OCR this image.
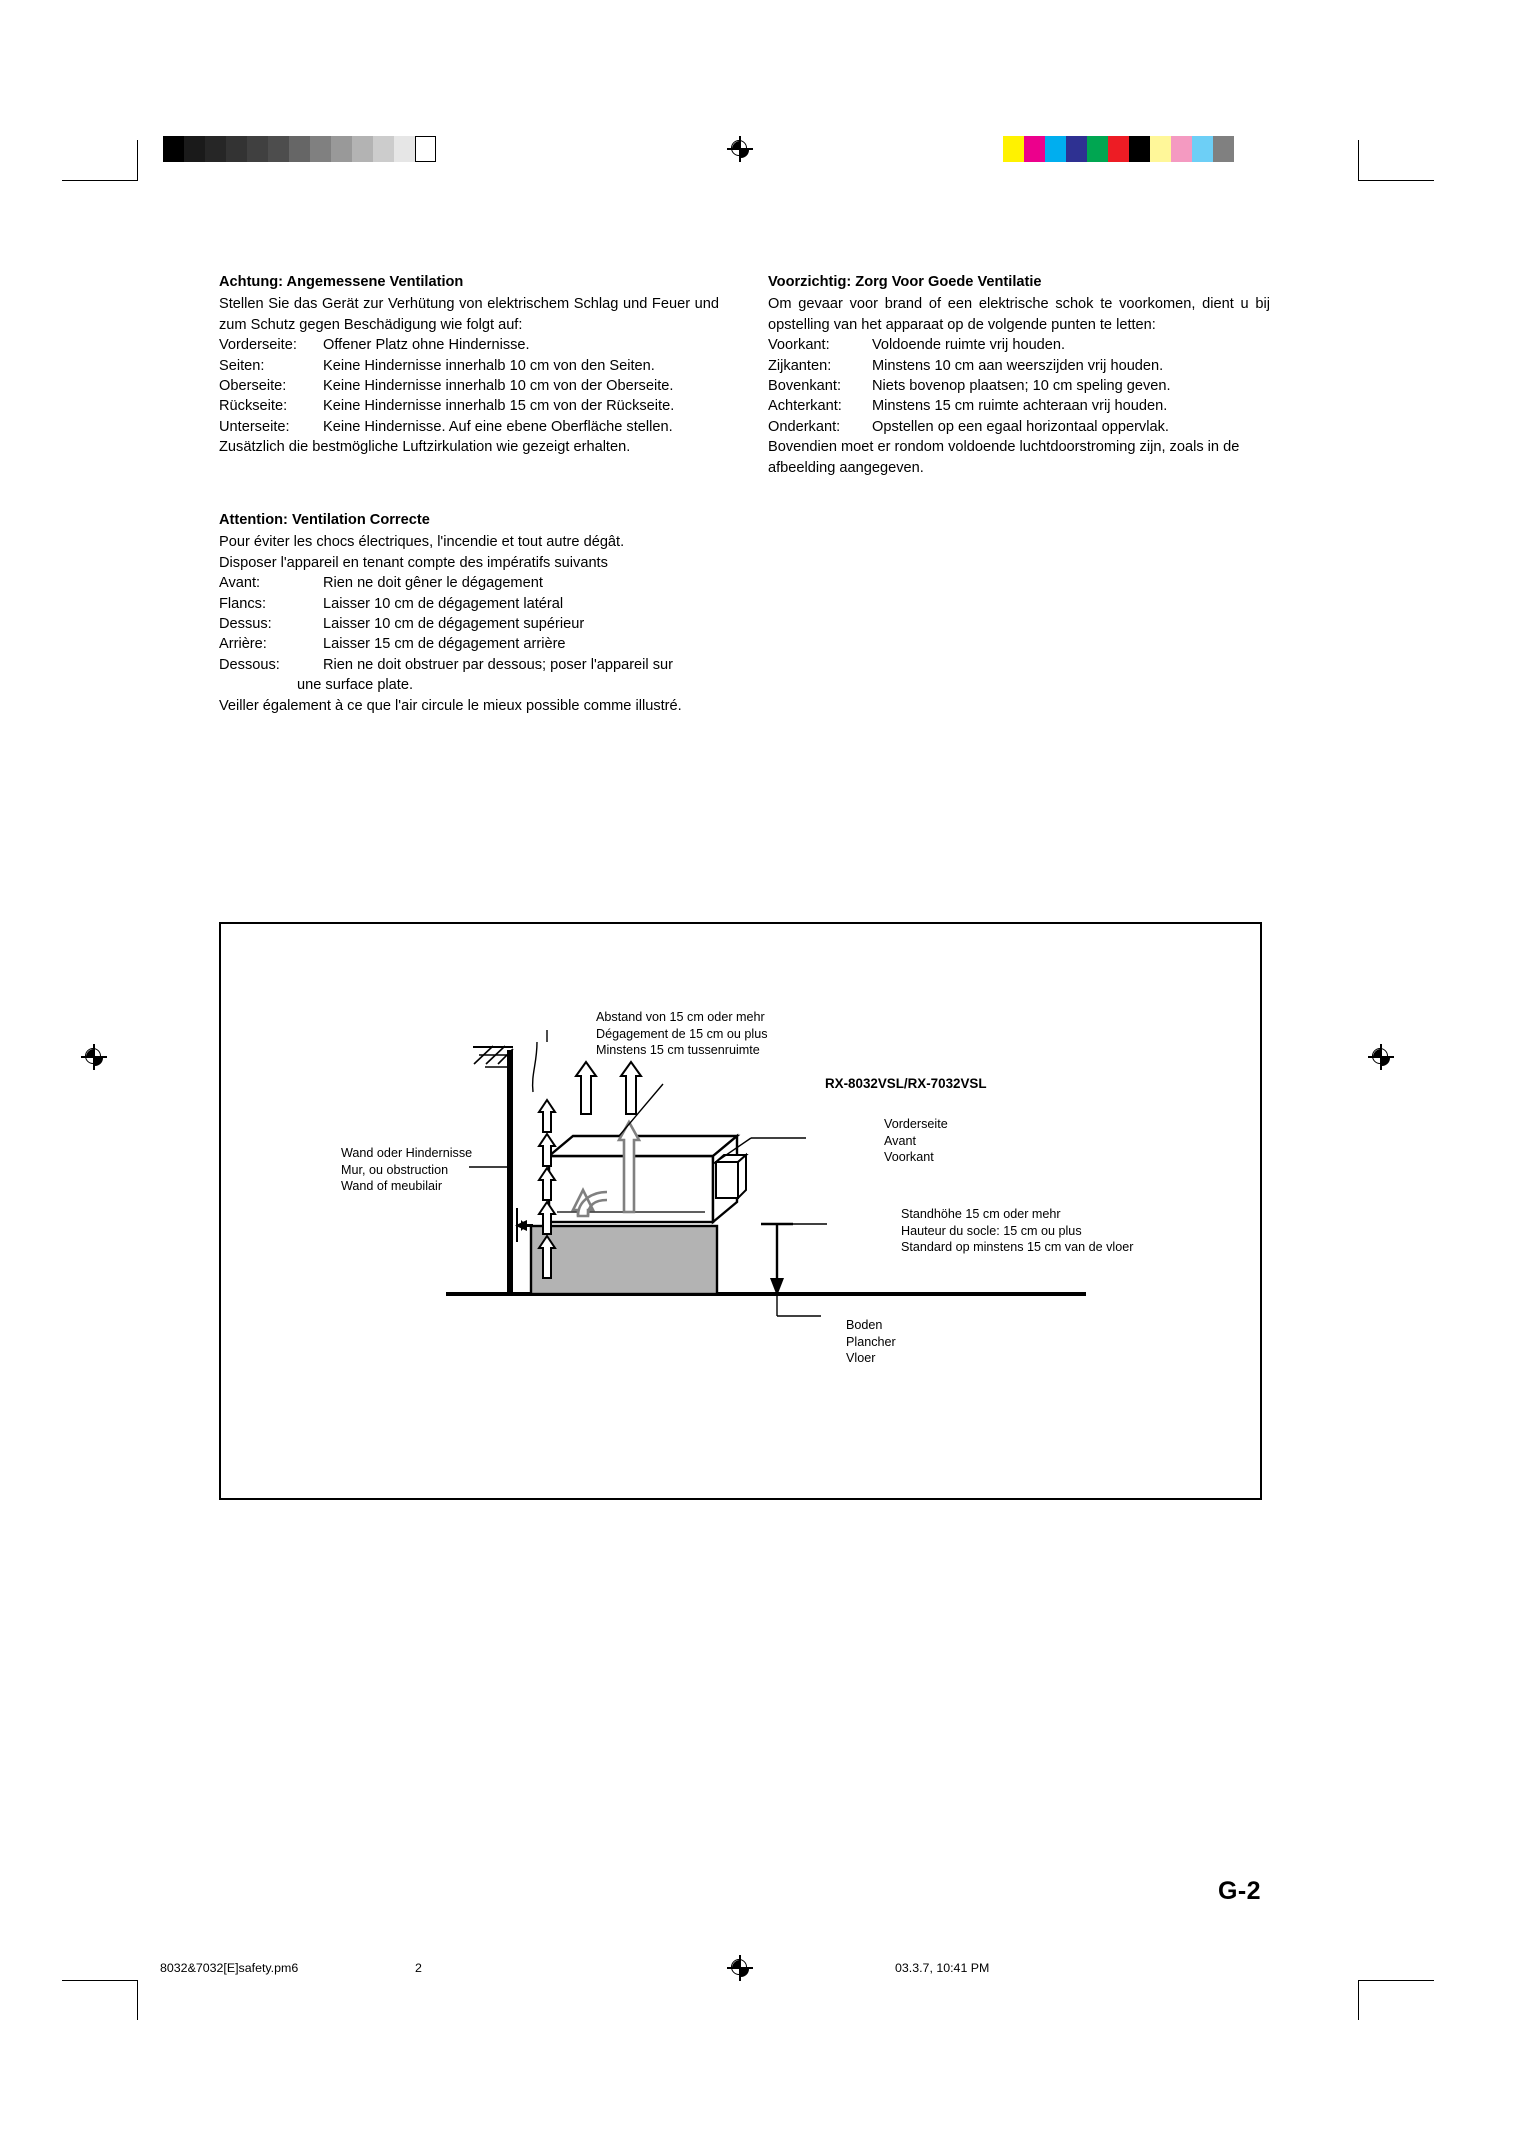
Achtung: Angemessene Ventilation
Stellen Sie das Gerät zur Verhütung von elektrischem Schlag und Feuer und zum Schutz gegen Beschädigung wie folgt auf:
Vorderseite:	Offener Platz ohne Hindernisse.
Seiten:	Keine Hindernisse innerhalb 10 cm von den Seiten.
Oberseite:	Keine Hindernisse innerhalb 10 cm von der Oberseite.
Rückseite:	Keine Hindernisse innerhalb 15 cm von der Rückseite.
Unterseite:	Keine Hindernisse. Auf eine ebene Oberfläche stellen.
Zusätzlich die bestmögliche Luftzirkulation wie gezeigt erhalten.
Attention: Ventilation Correcte
Pour éviter les chocs électriques, l'incendie et tout autre dégât.
Disposer l'appareil en tenant compte des impératifs suivants
Avant:	Rien ne doit gêner le dégagement
Flancs:	Laisser 10 cm de dégagement latéral
Dessus:	Laisser 10 cm de dégagement supérieur
Arrière:	Laisser 15 cm de dégagement arrière
Dessous:	Rien ne doit obstruer par dessous; poser l'appareil sur
une surface plate.
Veiller également à ce que l'air circule le mieux possible comme illustré.
Voorzichtig: Zorg Voor Goede Ventilatie
Om gevaar voor brand of een elektrische schok te voorkomen, dient u bij opstelling van het apparaat op de volgende punten te letten:
Voorkant:	Voldoende ruimte vrij houden.
Zijkanten:	Minstens 10 cm aan weerszijden vrij houden.
Bovenkant:	Niets bovenop plaatsen; 10 cm speling geven.
Achterkant:	Minstens 15 cm ruimte achteraan vrij houden.
Onderkant:	Opstellen op een egaal horizontaal oppervlak.
Bovendien moet er rondom voldoende luchtdoorstroming zijn, zoals in de afbeelding aangegeven.
Abstand von 15 cm oder mehr
Dégagement de 15 cm ou plus
Minstens 15 cm tussenruimte
RX-8032VSL/RX-7032VSL
Vorderseite
Avant
Voorkant
Wand oder Hindernisse
Mur, ou obstruction
Wand of meubilair
Standhöhe 15 cm oder mehr
Hauteur du socle: 15 cm ou plus
Standard op minstens 15 cm van de vloer
Boden
Plancher
Vloer
G-2
8032&7032[E]safety.pm6	2	03.3.7, 10:41 PM
